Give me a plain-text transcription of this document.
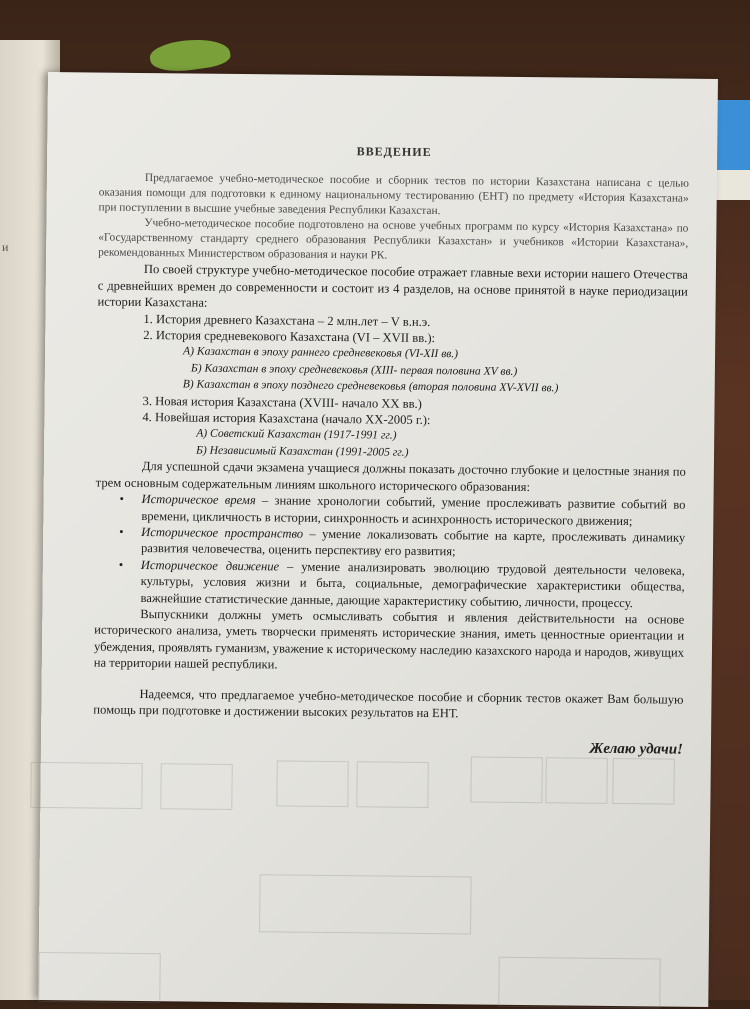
и

ВВЕДЕНИЕ

Предлагаемое учебно-методическое пособие и сборник тестов по истории Казахстана написана с целью оказания помощи для подготовки к единому национальному тестированию (ЕНТ) по предмету «История Казахстана» при поступлении в высшие учебные заведения Республики Казахстан.

Учебно-методическое пособие подготовлено на основе учебных программ по курсу «История Казахстана» по «Государственному стандарту среднего образования Республики Казахстан» и учебников «Истории Казахстана», рекомендованных Министерством образования и науки РК.

По своей структуре учебно-методическое пособие отражает главные вехи истории нашего Отечества с древнейших времен до современности и состоит из 4 разделов, на основе принятой в науке периодизации истории Казахстана:

1. История древнего Казахстана – 2 млн.лет – V в.н.э.

2. История средневекового Казахстана (VI – XVII вв.):

А) Казахстан в эпоху раннего средневековья (VI-XII вв.)

Б) Казахстан в эпоху средневековья (XIII- первая половина XV вв.)

В) Казахстан в эпоху позднего средневековья (вторая половина XV-XVII вв.)

3. Новая история Казахстана (XVIII- начало XX вв.)

4. Новейшая история Казахстана (начало XX-2005 г.):

А) Советский Казахстан (1917-1991 гг.)

Б) Независимый Казахстан (1991-2005 гг.)

Для успешной сдачи экзамена учащиеся должны показать досточно глубокие и целостные знания по трем основным содержательным линиям школьного исторического образования:

• Историческое время – знание хронологии событий, умение прослеживать развитие событий во времени, цикличность в истории, синхронность и асинхронность исторического движения;
• Историческое пространство – умение локализовать событие на карте, прослеживать динамику развития человечества, оценить перспективу его развития;
• Историческое движение – умение анализировать эволюцию трудовой деятельности человека, культуры, условия жизни и быта, социальные, демографические характеристики общества, важнейшие статистические данные, дающие характеристику событию, личности, процессу.

Выпускники должны уметь осмысливать события и явления действительности на основе исторического анализа, уметь творчески применять исторические знания, иметь ценностные ориентации и убеждения, проявлять гуманизм, уважение к историческому наследию казахского народа и народов, живущих на территории нашей республики.

Надеемся, что предлагаемое учебно-методическое пособие и сборник тестов окажет Вам большую помощь при подготовке и достижении высоких результатов на ЕНТ.

Желаю удачи!
